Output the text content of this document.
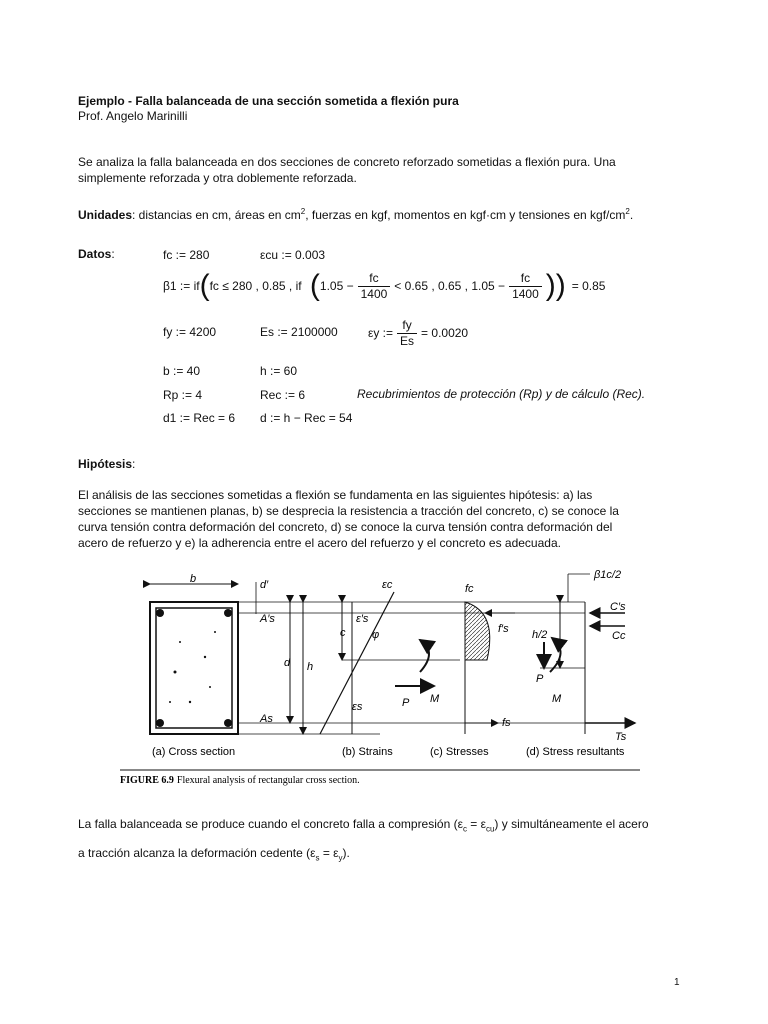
Ejemplo - Falla balanceada de una sección sometida a flexión pura
Prof. Angelo Marinilli
Se analiza la falla balanceada en dos secciones de concreto reforzado sometidas a flexión pura. Una simplemente reforzada y otra doblemente reforzada.
Unidades: distancias en cm, áreas en $cm^2$, fuerzas en kgf, momentos en kgf·cm y tensiones en kgf/$cm^2$.
Datos:	fc := 280	εcu := 0.003
β1 := if ( fc ≤ 280 , 0.85 , if ( $1.05 - \frac{fc}{1400} < 0.65$ , 0.65 , $1.05 - \frac{fc}{1400}$ ) ) = 0.85
fy := 4200	Es := 2100000	εy := $\frac{fy}{Es} = 0.0020$
b := 40	h := 60
Rp := 4	Rec := 6	Recubrimientos de protección (Rp) y de cálculo (Rec).
d1 := Rec = 6 d := h − Rec = 54
Hipótesis:
El análisis de las secciones sometidas a flexión se fundamenta en las siguientes hipótesis: a) las secciones se mantienen planas, b) se desprecia la resistencia a tracción del concreto, c) se conoce la curva tensión contra deformación del concreto, d) se conoce la curva tensión contra deformación del acero de refuerzo y e) la adherencia entre el acero del refuerzo y el concreto es adecuada.
b	d′
A′s
As
d h
εc
ε′s
c φ
εs
fc
f′s
fs
P M
β1c/2
C′s
Cc
h/2
P
M
Ts
(a) Cross section	(b) Strains	(c) Stresses	(d) Stress resultants
FIGURE 6.9 Flexural analysis of rectangular cross section.
La falla balanceada se produce cuando el concreto falla a compresión $(\varepsilon_c = \varepsilon_{cu})$ y simultáneamente el acero a tracción alcanza la deformación cedente $(\varepsilon_s = \varepsilon_y)$.
1
